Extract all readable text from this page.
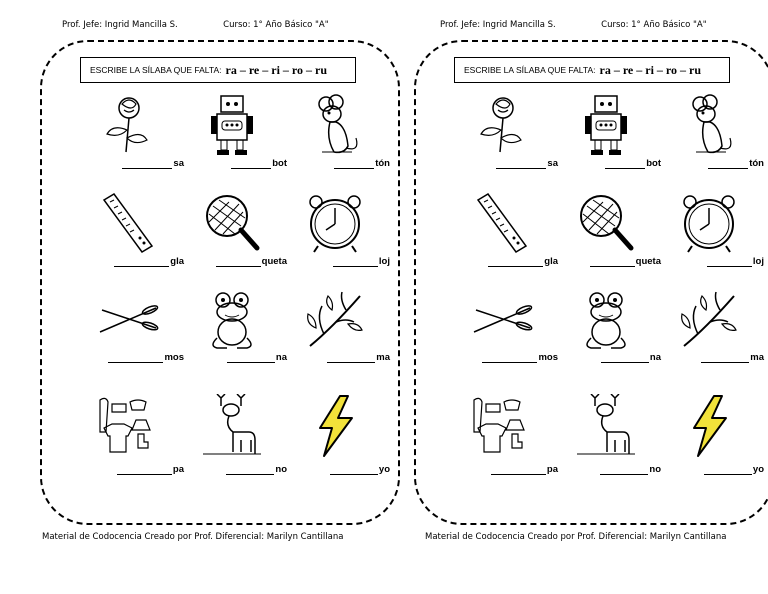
Prof. Jefe: Ingrid Mancilla S.	Curso: 1° Año Básico "A"
ESCRIBE LA SÍLABA QUE FALTA: ra – re – ri – ro – ru
sa	bot	tón
gla	queta	loj
mos	na	ma
pa	no	yo
Material de Codocencia Creado por Prof. Diferencial: Marilyn Cantillana
Prof. Jefe: Ingrid Mancilla S.	Curso: 1° Año Básico "A"
ESCRIBE LA SÍLABA QUE FALTA: ra – re – ri – ro – ru
sa	bot	tón
gla	queta	loj
mos	na	ma
pa	no	yo
Material de Codocencia Creado por Prof. Diferencial: Marilyn Cantillana
